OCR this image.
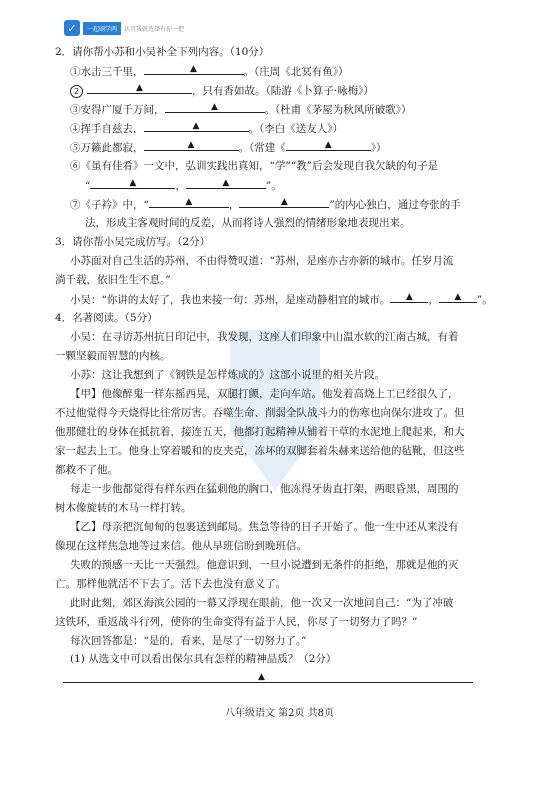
✓	一起刷学两	认可我就选择有你一把
2．请你帮小苏和小吴补全下列内容。（10分）
①水击三千里，	▲	。（庄周《北冥有鱼》）
2	▲	，只有香如故。（陆游《卜算子·咏梅》）
③安得广厦千万间，	▲	。（杜甫《茅屋为秋风所破歌》）
④挥手自兹去，	▲	。（李白《送友人》）
⑤万籁此都寂，	▲	。（常建《	▲	》）
⑥《虽有佳肴》一文中，弘训实践出真知，“学”“教”后会发现自我欠缺的句子是
“	▲	，	▲	”。
⑦《子衿》中，“	▲	，	▲	”的内心独白，通过夸张的手
法，形成主客观时间的反差，从而将诗人强烈的情绪形象地表现出来。
3．请你帮小吴完成仿写。（2分）
小苏面对自己生活的苏州，不由得赞叹道：“苏州，是座亦古亦新的城市。任岁月流
淌千载，依旧生生不息。”
小吴：“你讲的太好了，我也来接一句：苏州，是座动静相宜的城市。 ▲ ， ▲ ”。
4．名著阅读。（5分）
小吴：在寻访苏州抗日印记中，我发现，这座人们印象中山温水软的江南古城，有着
一颗坚毅而智慧的内核。
小苏：这让我想到了《钢铁是怎样炼成的》这部小说里的相关片段。
【甲】他像醉鬼一样东摇西晃，双腿打颤，走向车站。他发着高烧上工已经很久了，
不过他觉得今天烧得比往常厉害。吞噬生命、削弱全队战斗力的伤寒也向保尔进攻了。但
他那健壮的身体在抵抗着，接连五天，他都打起精神从铺着干草的水泥地上爬起来，和大
家一起去上工。他身上穿着暖和的皮夹克，冻坏的双脚套着朱赫来送给他的毡靴，但这些
都救不了他。
每走一步他都觉得有样东西在猛刺他的胸口，他冻得牙齿直打架，两眼昏黑，周围的
树木像旋转的木马一样打转。
【乙】母亲把沉甸甸的包裹送到邮局。焦急等待的日子开始了。他一生中还从来没有
像现在这样焦急地等过来信。他从早班信盼到晚班信。
失败的预感一天比一天强烈。他意识到，一旦小说遭到无条件的拒绝，那就是他的灭
亡。那样他就活不下去了。活下去也没有意义了。
此时此刻，郊区海滨公园的一幕又浮现在眼前，他一次又一次地问自己：“为了冲破
这铁环，重返战斗行列，使你的生命变得有益于人民，你尽了一切努力了吗？”
每次回答都是：“是的，看来，是尽了一切努力了。”
(1) 从选文中可以看出保尔具有怎样的精神品质？（2分）
▲
八年级语文 第2页 共8页
